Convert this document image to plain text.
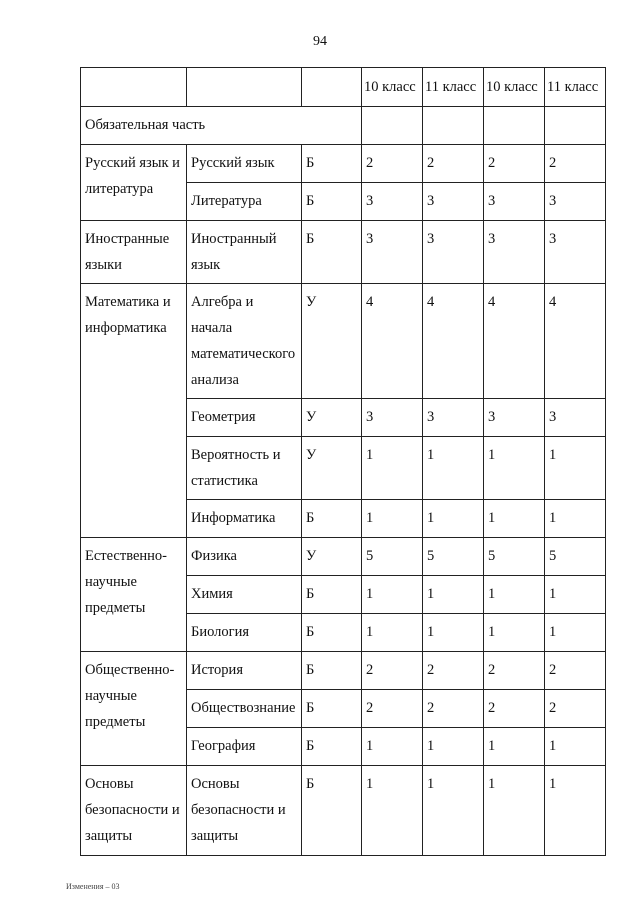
94
			10 класс	11 класс	10 класс	11 класс
Обязательная часть						
Русский язык и литература	Русский язык	Б	2	2	2	2
	Литература	Б	3	3	3	3
Иностранные языки	Иностранный язык	Б	3	3	3	3
Математика и информатика	Алгебра и начала математического анализа	У	4	4	4	4
	Геометрия	У	3	3	3	3
	Вероятность и статистика	У	1	1	1	1
	Информатика	Б	1	1	1	1
Естественно-научные предметы	Физика	У	5	5	5	5
	Химия	Б	1	1	1	1
	Биология	Б	1	1	1	1
Общественно-научные предметы	История	Б	2	2	2	2
	Обществознание	Б	2	2	2	2
	География	Б	1	1	1	1
Основы безопасности и защиты	Основы безопасности и защиты	Б	1	1	1	1
Изменения – 03
